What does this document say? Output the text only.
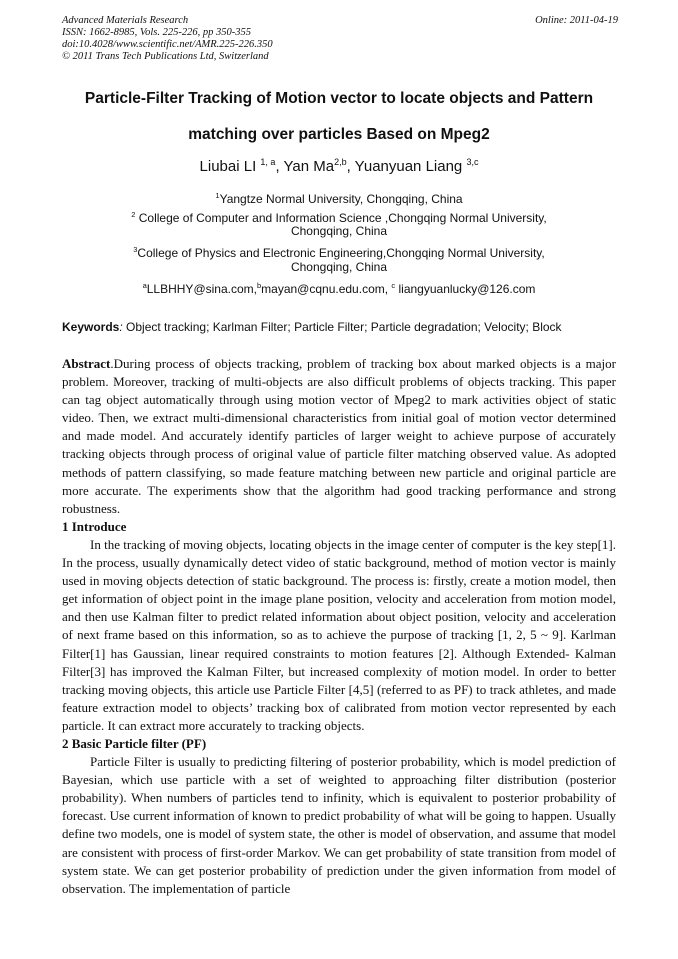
Advanced Materials Research
ISSN: 1662-8985, Vols. 225-226, pp 350-355
doi:10.4028/www.scientific.net/AMR.225-226.350
© 2011 Trans Tech Publications Ltd, Switzerland
Online: 2011-04-19
Particle-Filter Tracking of Motion vector to locate objects and Pattern
matching over particles Based on Mpeg2
Liubai LI $^{1, a}$, Yan Ma$^{2,b}$, Yuanyuan Liang $^{3,c}$
$^1$Yangtze Normal University, Chongqing, China
$^2$ College of Computer and Information Science ,Chongqing Normal University,
Chongqing, China
$^3$College of Physics and Electronic Engineering,Chongqing Normal University,
Chongqing, China
$^a$LLBHHY@sina.com,$^b$mayan@cqnu.edu.com, $^c$ liangyuanlucky@126.com
Keywords: Object tracking; Karlman Filter; Particle Filter; Particle degradation; Velocity; Block

Abstract.During process of objects tracking, problem of tracking box about marked objects is a major problem. Moreover, tracking of multi-objects are also difficult problems of objects tracking. This paper can tag object automatically through using motion vector of Mpeg2 to mark activities object of static video. Then, we extract multi-dimensional characteristics from initial goal of motion vector determined and made model. And accurately identify particles of larger weight to achieve purpose of accurately tracking objects through process of original value of particle filter matching observed value. As adopted methods of pattern classifying, so made feature matching between new particle and original particle are more accurate. The experiments show that the algorithm had good tracking performance and strong robustness.

1 Introduce

In the tracking of moving objects, locating objects in the image center of computer is the key step[1]. In the process, usually dynamically detect video of static background, method of motion vector is mainly used in moving objects detection of static background. The process is: firstly, create a motion model, then get information of object point in the image plane position, velocity and acceleration from motion model, and then use Kalman filter to predict related information about object position, velocity and acceleration of next frame based on this information, so as to achieve the purpose of tracking [1, 2, 5 ~ 9]. Karlman Filter[1] has Gaussian, linear required constraints to motion features [2]. Although Extended- Kalman Filter[3] has improved the Kalman Filter, but increased complexity of motion model. In order to better tracking moving objects, this article use Particle Filter [4,5] (referred to as PF) to track athletes, and made feature extraction model to objects’ tracking box of calibrated from motion vector represented by each particle. It can extract more accurately to tracking objects.

2 Basic Particle filter (PF)

Particle Filter is usually to predicting filtering of posterior probability, which is model prediction of Bayesian, which use particle with a set of weighted to approaching filter distribution (posterior probability). When numbers of particles tend to infinity, which is equivalent to posterior probability of forecast. Use current information of known to predict probability of what will be going to happen. Usually define two models, one is model of system state, the other is model of observation, and assume that model are consistent with process of first-order Markov. We can get probability of state transition from model of system state. We can get posterior probability of prediction under the given information from model of observation. The implementation of particle
